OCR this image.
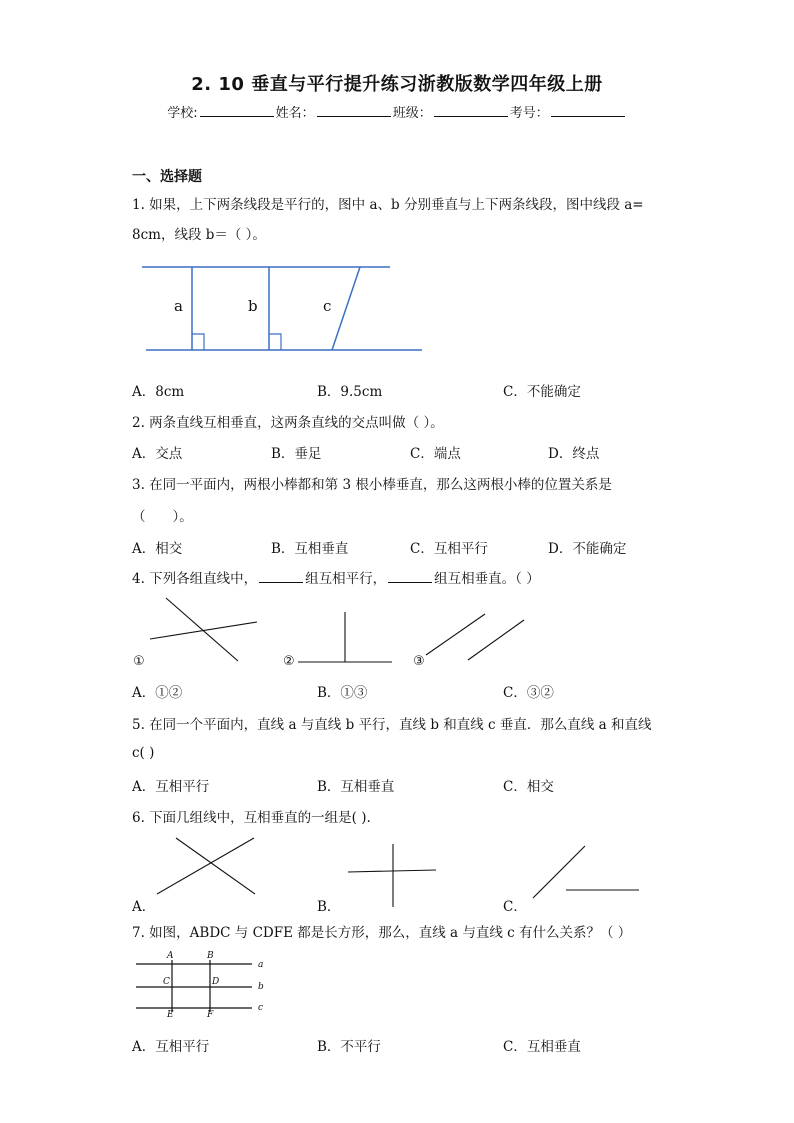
2. 10 垂直与平行提升练习浙教版数学四年级上册
学校:	姓名：	班级：	考号：
一、选择题
1. 如果，上下两条线段是平行的，图中 a、b 分别垂直与上下两条线段，图中线段 a=
8cm，线段 b＝（ ）。
a	b	c
A．8cm	B．9.5cm	C．不能确定
2. 两条直线互相垂直，这两条直线的交点叫做（ ）。
A．交点	B．垂足	C．端点	D．终点
3. 在同一平面内，两根小棒都和第 3 根小棒垂直，那么这两根小棒的位置关系是
（　　）。
A．相交	B．互相垂直	C．互相平行	D．不能确定
4. 下列各组直线中，	组互相平行，	组互相垂直。（ ）
①	②	③
A．①②	B．①③	C．③②
5. 在同一个平面内，直线 a 与直线 b 平行，直线 b 和直线 c 垂直．那么直线 a 和直线
c( )
A．互相平行	B．互相垂直	C．相交
6. 下面几组线中，互相垂直的一组是( ).
A．	B．	C．
7. 如图，ABDC 与 CDFE 都是长方形，那么，直线 a 与直线 c 有什么关系？（ ）
A	B
C	D
E	F
a
b
c
A．互相平行	B．不平行	C．互相垂直
